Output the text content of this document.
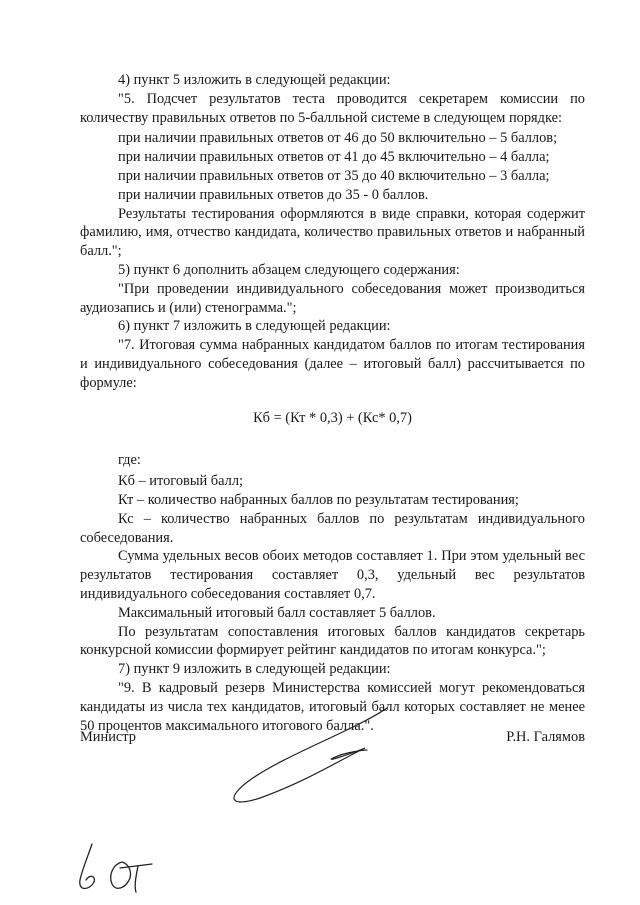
4) пункт 5 изложить в следующей редакции:

"5. Подсчет результатов теста проводится секретарем комиссии по количеству правильных ответов по 5-балльной системе в следующем порядке:

при наличии правильных ответов от 46 до 50 включительно – 5 баллов;

при наличии правильных ответов от 41 до 45 включительно – 4 балла;

при наличии правильных ответов от 35 до 40 включительно – 3 балла;

при наличии правильных ответов до 35 - 0 баллов.

Результаты тестирования оформляются в виде справки, которая содержит фамилию, имя, отчество кандидата, количество правильных ответов и набранный балл.";

5) пункт 6 дополнить абзацем следующего содержания:

"При проведении индивидуального собеседования может производиться аудиозапись и (или) стенограмма.";

6) пункт 7 изложить в следующей редакции:

"7. Итоговая сумма набранных кандидатом баллов по итогам тестирования и индивидуального собеседования (далее – итоговый балл) рассчитывается по формуле:

Кб = (Кт * 0,3) + (Кс* 0,7)

где:

Кб – итоговый балл;

Кт – количество набранных баллов по результатам тестирования;

Кс – количество набранных баллов по результатам индивидуального собеседования.

Сумма удельных весов обоих методов составляет 1. При этом удельный вес результатов тестирования составляет 0,3, удельный вес результатов индивидуального собеседования составляет 0,7.

Максимальный итоговый балл составляет 5 баллов.

По результатам сопоставления итоговых баллов кандидатов секретарь конкурсной комиссии формирует рейтинг кандидатов по итогам конкурса.";

7) пункт 9 изложить в следующей редакции:

"9. В кадровый резерв Министерства комиссией могут рекомендоваться кандидаты из числа тех кандидатов, итоговый балл которых составляет не менее 50 процентов максимального итогового балла.".

Министр	Р.Н. Галямов
